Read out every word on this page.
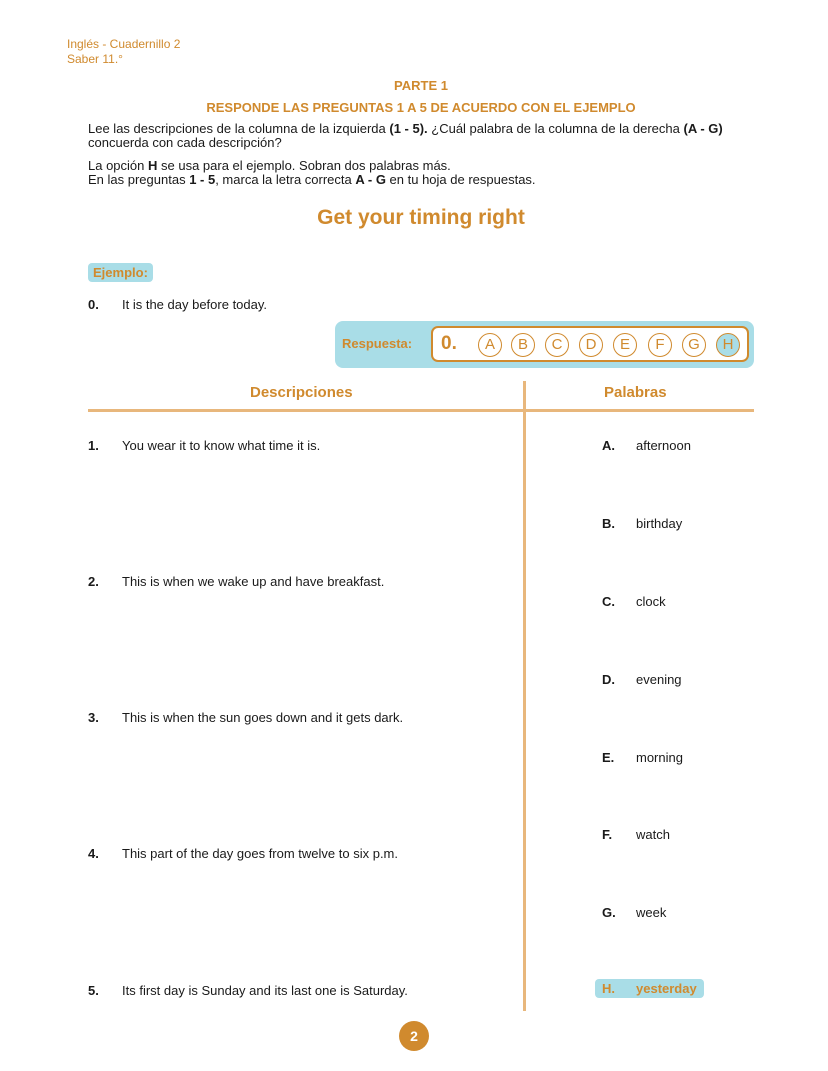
Inglés - Cuadernillo 2
Saber 11.°
PARTE 1
RESPONDE LAS PREGUNTAS 1 A 5 DE ACUERDO CON EL EJEMPLO
Lee las descripciones de la columna de la izquierda (1 - 5). ¿Cuál palabra de la columna de la derecha (A - G)
concuerda con cada descripción?
La opción H se usa para el ejemplo. Sobran dos palabras más.
En las preguntas 1 - 5, marca la letra correcta A - G en tu hoja de respuestas.
Get your timing right
Ejemplo:
0. It is the day before today.
Respuesta: 0.	A	B	C	D	E	F	G	H
Descripciones	Palabras
1. You wear it to know what time it is.
2. This is when we wake up and have breakfast.
3. This is when the sun goes down and it gets dark.
4. This part of the day goes from twelve to six p.m.
5. Its first day is Sunday and its last one is Saturday.
A. afternoon
B. birthday
C. clock
D. evening
E. morning
F. watch
G. week
H. yesterday
2
